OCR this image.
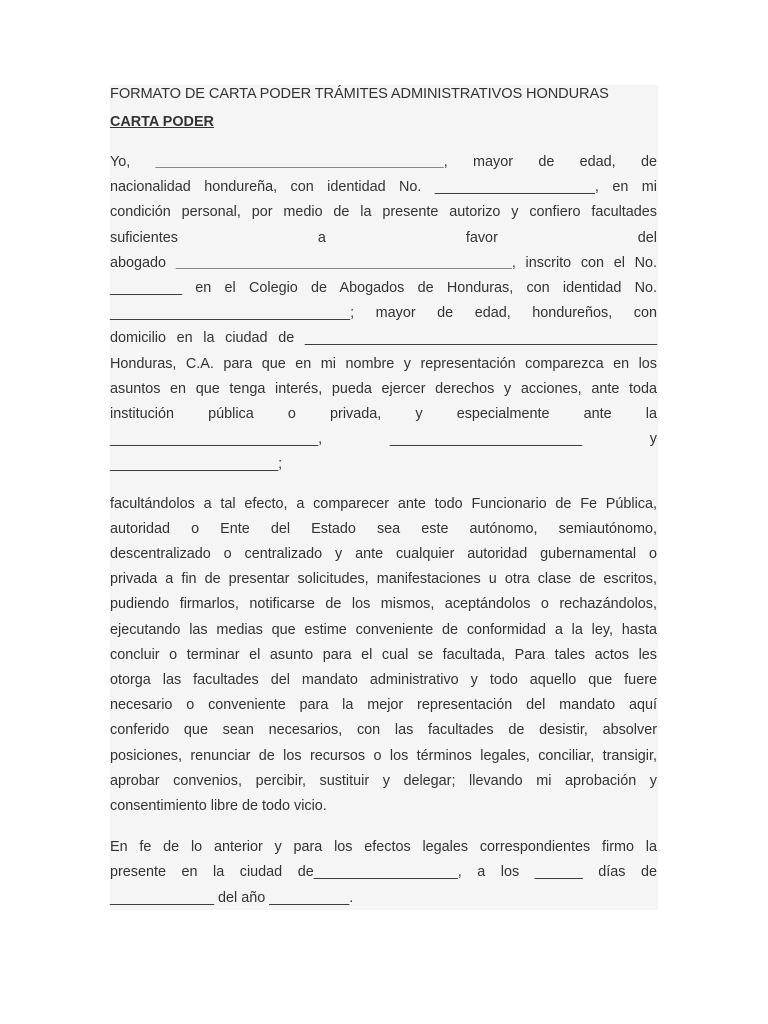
FORMATO DE CARTA PODER TRÁMITES ADMINISTRATIVOS HONDURAS
CARTA PODER
Yo, ____________________________________, mayor de edad, de
nacionalidad hondureña, con identidad No. ____________________, en mi
condición personal, por medio de la presente autorizo y confiero facultades
suficientes a favor del
abogado __________________________________________, inscrito con el No.
_________ en el Colegio de Abogados de Honduras, con identidad No.
______________________________; mayor de edad, hondureños, con
domicilio en la ciudad de ____________________________________________
Honduras, C.A. para que en mi nombre y representación comparezca en los
asuntos en que tenga interés, pueda ejercer derechos y acciones, ante toda
institución pública o privada, y especialmente ante la
__________________________, ________________________ y
_____________________;
facultándolos a tal efecto, a comparecer ante todo Funcionario de Fe Pública,
autoridad o Ente del Estado sea este autónomo, semiautónomo,
descentralizado o centralizado y ante cualquier autoridad gubernamental o
privada a fin de presentar solicitudes, manifestaciones u otra clase de escritos,
pudiendo firmarlos, notificarse de los mismos, aceptándolos o rechazándolos,
ejecutando las medias que estime conveniente de conformidad a la ley, hasta
concluir o terminar el asunto para el cual se facultada, Para tales actos les
otorga las facultades del mandato administrativo y todo aquello que fuere
necesario o conveniente para la mejor representación del mandato aquí
conferido que sean necesarios, con las facultades de desistir, absolver
posiciones, renunciar de los recursos o los términos legales, conciliar, transigir,
aprobar convenios, percibir, sustituir y delegar; llevando mi aprobación y
consentimiento libre de todo vicio.
En fe de lo anterior y para los efectos legales correspondientes firmo la
presente en la ciudad de__________________, a los ______ días de
_____________ del año __________.
